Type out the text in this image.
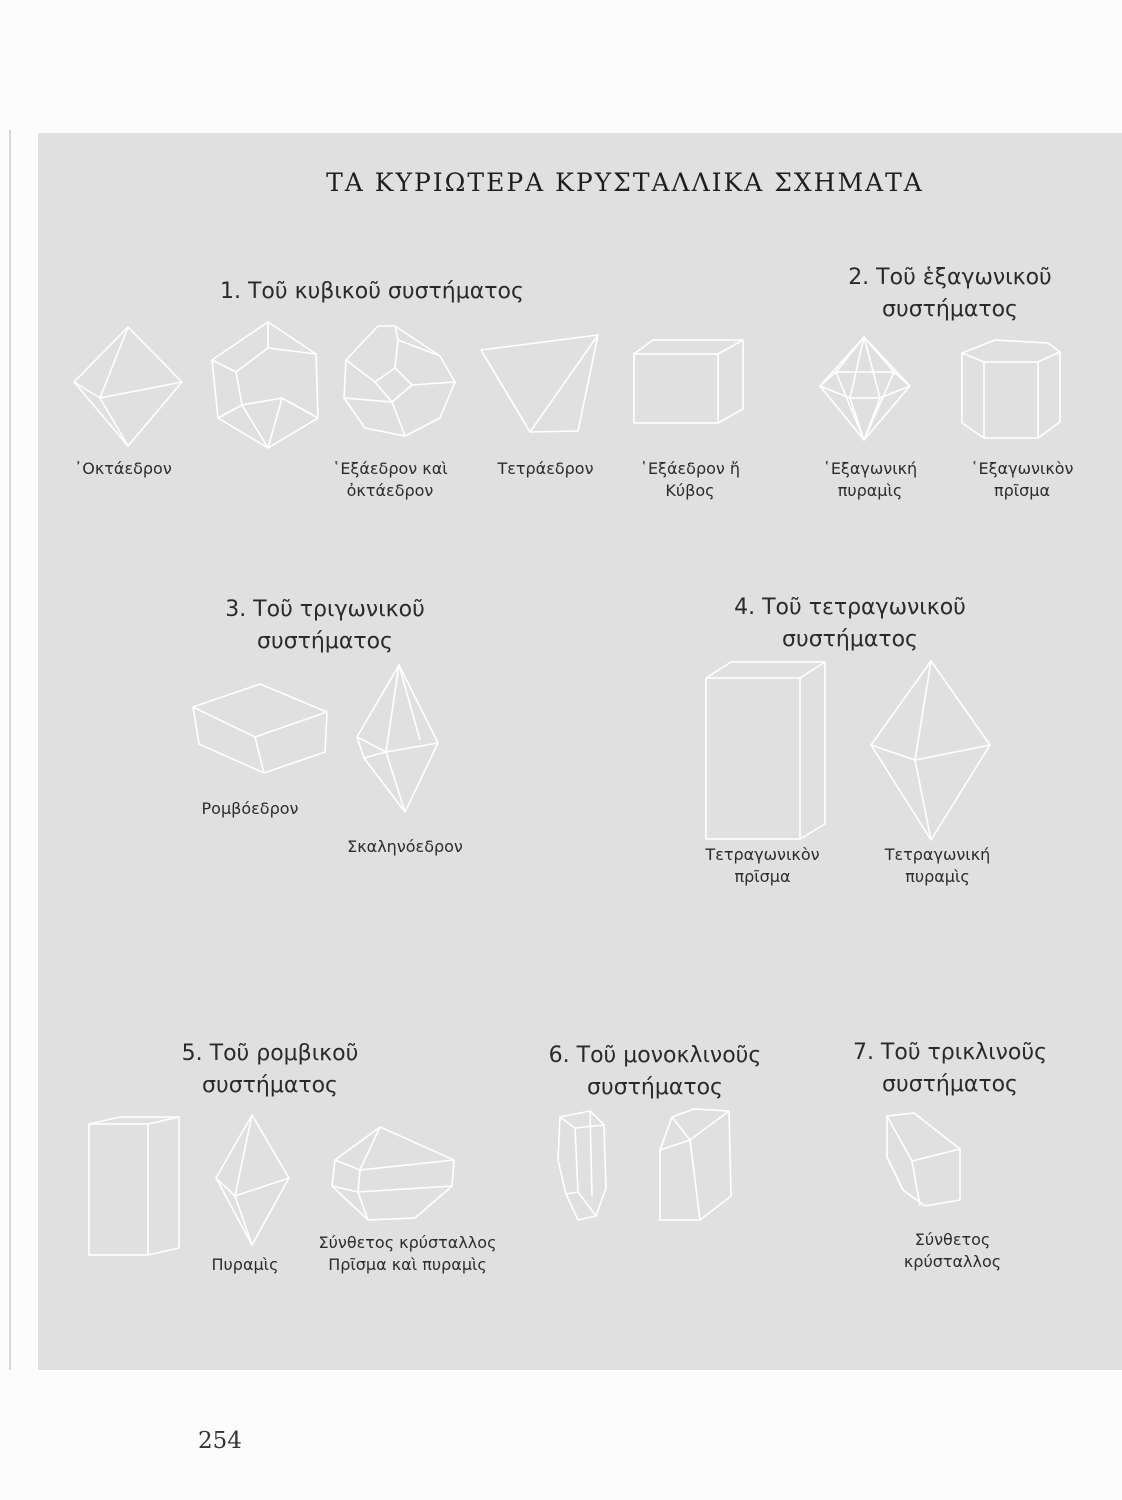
ΤΑ ΚΥΡΙΩΤΕΡΑ ΚΡΥΣΤΑΛΛΙΚΑ ΣΧΗΜΑΤΑ
1. Τοῦ κυβικοῦ συστήματος
2. Τοῦ ἑξαγωνικοῦ
συστήματος
3. Τοῦ τριγωνικοῦ
συστήματος
4. Τοῦ τετραγωνικοῦ
συστήματος
5. Τοῦ ρομβικοῦ
συστήματος
6. Τοῦ μονοκλινοῦς
συστήματος
7. Τοῦ τρικλινοῦς
συστήματος
᾿Οκτάεδρον	῾Εξάεδρον καὶ
ὀκτάεδρον
Τετράεδρον	῾Εξάεδρον ἤ
Κύβος
῾Εξαγωνική
πυραμὶς
῾Εξαγωνικὸν
πρῖσμα
Ρομβόεδρον
Σκαληνόεδρον	Τετραγωνικὸν
πρῖσμα
Τετραγωνική
πυραμὶς
Πυραμὶς
Σύνθετος κρύσταλλος
Πρῖσμα καὶ πυραμὶς
Σύνθετος
κρύσταλλος
254
